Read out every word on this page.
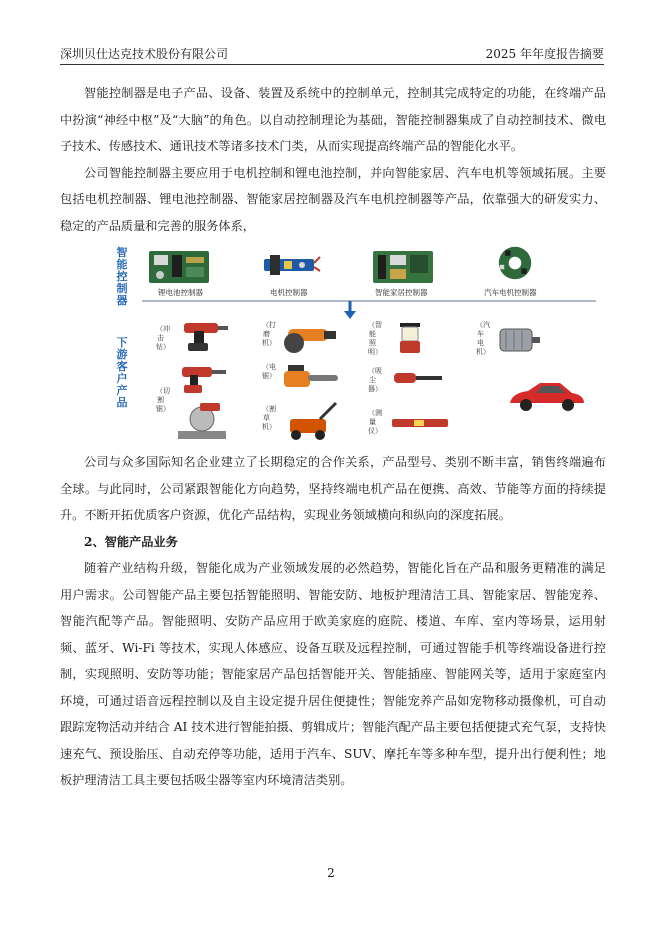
深圳贝仕达克技术股份有限公司	2025 年年度报告摘要

智能控制器是电子产品、设备、装置及系统中的控制单元，控制其完成特定的功能，在终端产品中扮演“神经中枢”及“大脑”的角色。以自动控制理论为基础，智能控制器集成了自动控制技术、微电子技术、传感技术、通讯技术等诸多技术门类，从而实现提高终端产品的智能化水平。

公司智能控制器主要应用于电机控制和锂电池控制，并向智能家居、汽车电机等领域拓展。主要包括电机控制器、锂电池控制器、智能家居控制器及汽车电机控制器等产品，依靠强大的研发实力、稳定的产品质量和完善的服务体系，

智能控制器
下游客户产品
锂电池控制器	电机控制器	智能家居控制器	汽车电机控制器
（冲击钻）
（切割锯）
（打磨机）
（电锯）
（割草机）
（智能照明）
（吸尘器）
（测量仪）
（汽车电机）

公司与众多国际知名企业建立了长期稳定的合作关系，产品型号、类别不断丰富，销售终端遍布全球。与此同时，公司紧跟智能化方向趋势，坚持终端电机产品在便携、高效、节能等方面的持续提升。不断开拓优质客户资源，优化产品结构，实现业务领域横向和纵向的深度拓展。

2、智能产品业务

随着产业结构升级，智能化成为产业领域发展的必然趋势，智能化旨在产品和服务更精准的满足用户需求。公司智能产品主要包括智能照明、智能安防、地板护理清洁工具、智能家居、智能宠养、智能汽配等产品。智能照明、安防产品应用于欧美家庭的庭院、楼道、车库、室内等场景，运用射频、蓝牙、Wi-Fi 等技术，实现人体感应、设备互联及远程控制，可通过智能手机等终端设备进行控制，实现照明、安防等功能；智能家居产品包括智能开关、智能插座、智能网关等，适用于家庭室内环境，可通过语音远程控制以及自主设定提升居住便捷性；智能宠养产品如宠物移动摄像机，可自动跟踪宠物活动并结合 AI 技术进行智能拍摄、剪辑成片；智能汽配产品主要包括便捷式充气泵，支持快速充气、预设胎压、自动充停等功能，适用于汽车、SUV、摩托车等多种车型，提升出行便利性；地板护理清洁工具主要包括吸尘器等室内环境清洁类别。

2
